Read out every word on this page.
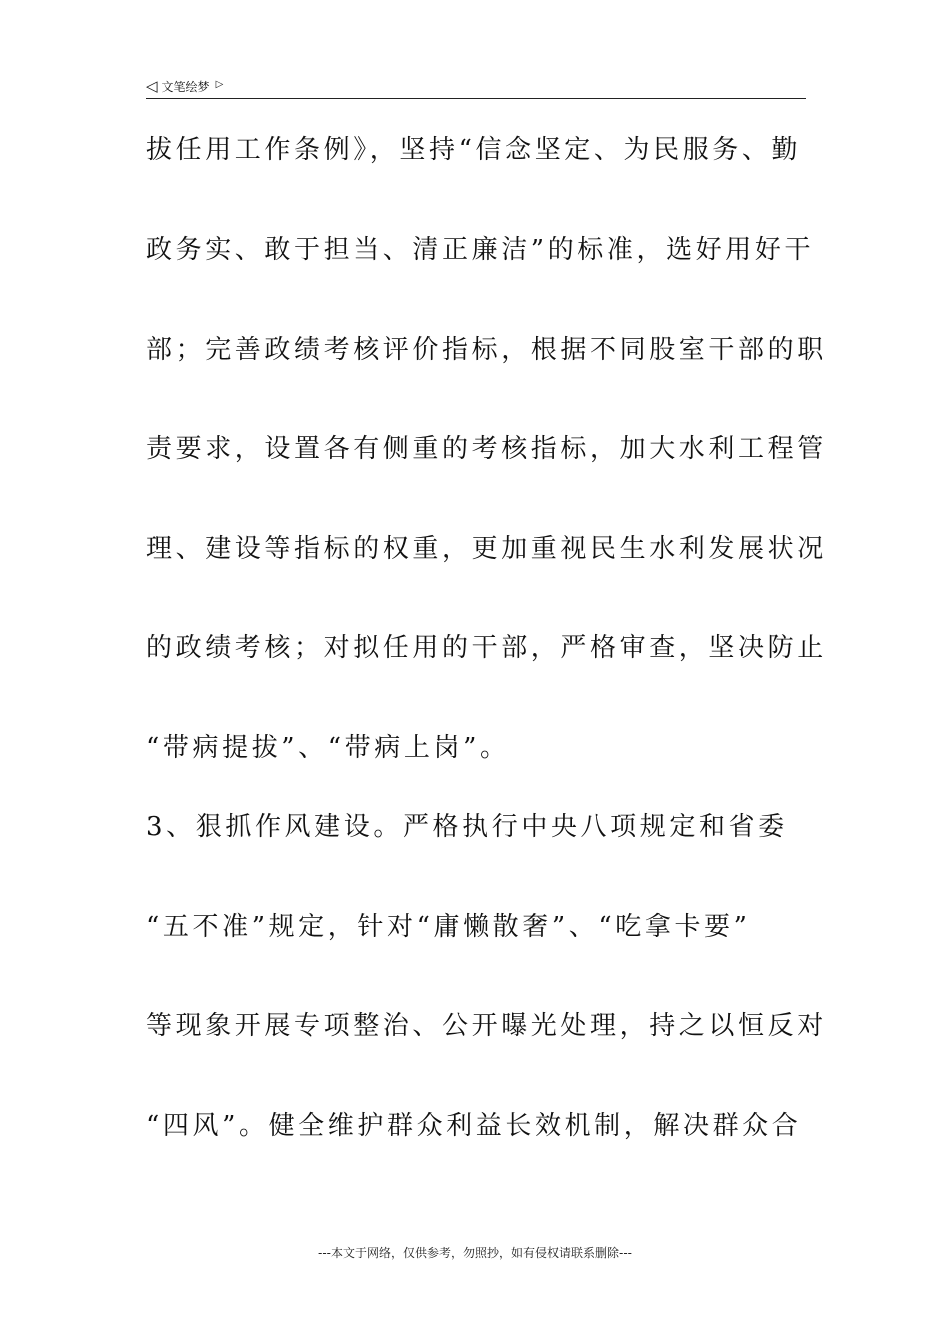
◁ 文笔绘梦 ▷
拔任用工作条例》，坚持“信念坚定、为民服务、勤
政务实、敢于担当、清正廉洁”的标准，选好用好干
部；完善政绩考核评价指标，根据不同股室干部的职
责要求，设置各有侧重的考核指标，加大水利工程管
理、建设等指标的权重，更加重视民生水利发展状况
的政绩考核；对拟任用的干部，严格审查，坚决防止
“带病提拔”、“带病上岗”。
3、狠抓作风建设。严格执行中央八项规定和省委
“五不准”规定，针对“庸懒散奢”、“吃拿卡要”
等现象开展专项整治、公开曝光处理，持之以恒反对
“四风”。健全维护群众利益长效机制，解决群众合
---本文于网络，仅供参考，勿照抄，如有侵权请联系删除---
